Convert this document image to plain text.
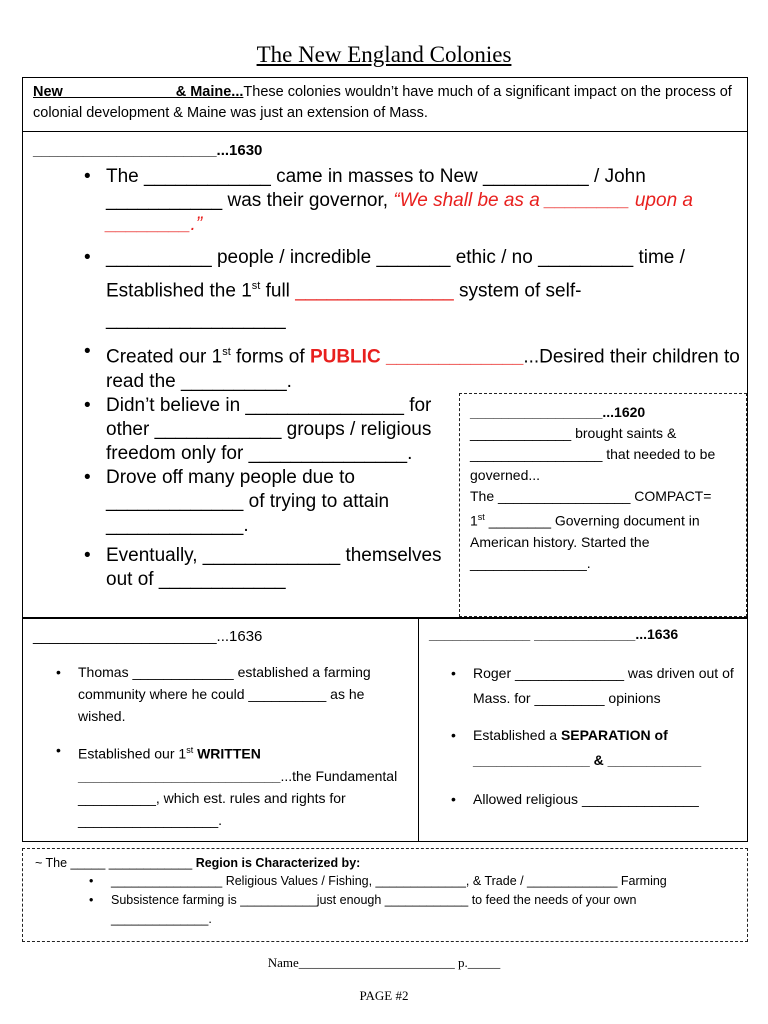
The New England Colonies
New______________& Maine...These colonies wouldn’t have much of a significant impact on the process of colonial development & Maine was just an extension of Mass.
______________________...1630
• The ____________ came in masses to New __________ / John ___________ was their governor, “We shall be as a ________ upon a ________.”
• __________ people / incredible _______ ethic / no _________ time / Established the 1st full _______________ system of self-_________________
• Created our 1st forms of PUBLIC _____________...Desired their children to read the __________.
• Didn’t believe in _______________ for other ____________ groups / religious freedom only for _______________.
• Drove off many people due to _____________ of trying to attain _____________.
• Eventually, _____________ themselves out of ____________
_________________...1620
_____________ brought saints &
_________________ that needed to be governed...
The _________________ COMPACT=
1st ________ Governing document in American history. Started the _______________.
______________________...1636
• Thomas _____________ established a farming community where he could __________ as he wished.
• Established our 1st WRITTEN __________________________...the Fundamental __________, which est. rules and rights for __________________.
_____________ _____________...1636
• Roger ______________ was driven out of Mass. for _________ opinions
• Established a SEPARATION of _______________ & ____________
• Allowed religious _______________
~ The _____ ____________ Region is Characterized by:
• ________________ Religious Values / Fishing, _____________, & Trade / _____________ Farming
• Subsistence farming is ___________just enough ____________ to feed the needs of your own ______________.
Name________________________ p._____
PAGE #2
